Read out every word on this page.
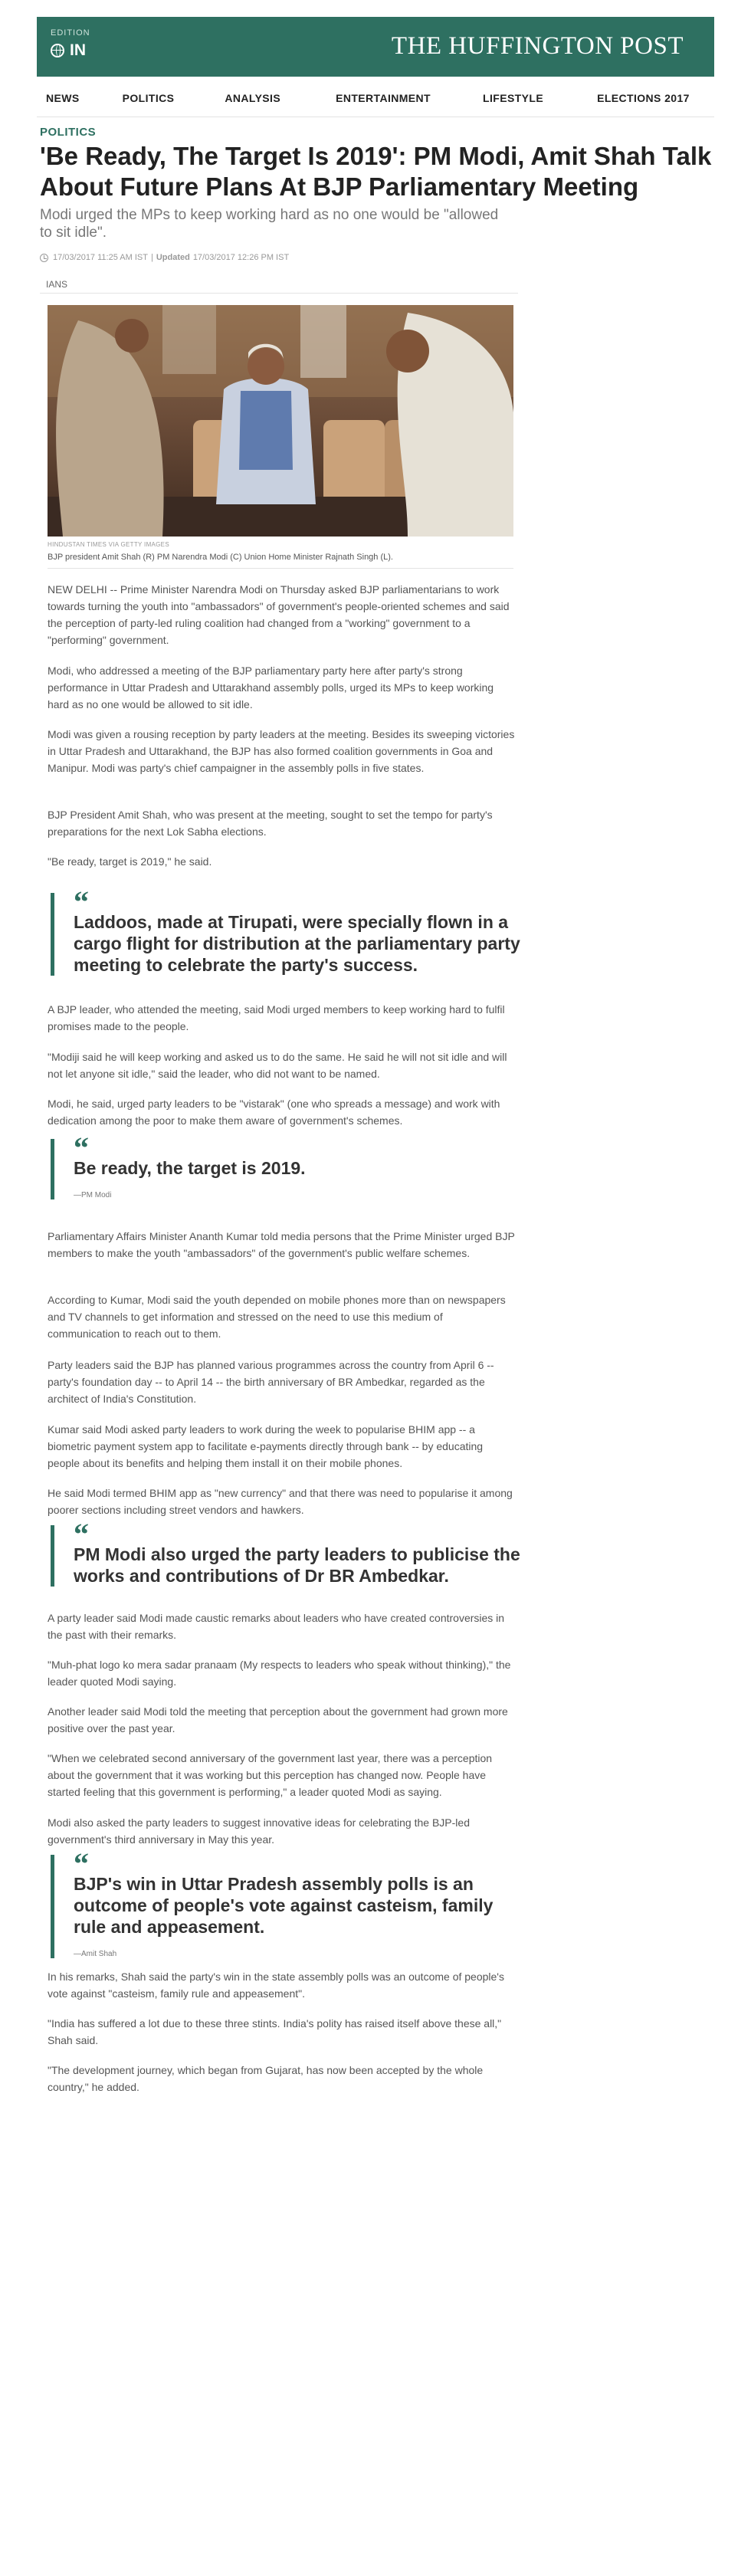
EDITION
IN	THE HUFFINGTON POST
NEWS	POLITICS	ANALYSIS	ENTERTAINMENT	LIFESTYLE	ELECTIONS 2017
POLITICS
'Be Ready, The Target Is 2019': PM Modi, Amit Shah Talk About Future Plans At BJP Parliamentary Meeting
Modi urged the MPs to keep working hard as no one would be "allowed to sit idle".
17/03/2017 11:25 AM IST | Updated 17/03/2017 12:26 PM IST
IANS
HINDUSTAN TIMES VIA GETTY IMAGES
BJP president Amit Shah (R) PM Narendra Modi (C) Union Home Minister Rajnath Singh (L).

NEW DELHI -- Prime Minister Narendra Modi on Thursday asked BJP parliamentarians to work towards turning the youth into "ambassadors" of government's people-oriented schemes and said the perception of party-led ruling coalition had changed from a "working" government to a "performing" government.

Modi, who addressed a meeting of the BJP parliamentary party here after party's strong performance in Uttar Pradesh and Uttarakhand assembly polls, urged its MPs to keep working hard as no one would be allowed to sit idle.

Modi was given a rousing reception by party leaders at the meeting. Besides its sweeping victories in Uttar Pradesh and Uttarakhand, the BJP has also formed coalition governments in Goa and Manipur. Modi was party's chief campaigner in the assembly polls in five states.

BJP President Amit Shah, who was present at the meeting, sought to set the tempo for party's preparations for the next Lok Sabha elections.

"Be ready, target is 2019," he said.

“
Laddoos, made at Tirupati, were specially flown in a cargo flight for distribution at the parliamentary party meeting to celebrate the party's success.

A BJP leader, who attended the meeting, said Modi urged members to keep working hard to fulfil promises made to the people.

"Modiji said he will keep working and asked us to do the same. He said he will not sit idle and will not let anyone sit idle," said the leader, who did not want to be named.

Modi, he said, urged party leaders to be "vistarak" (one who spreads a message) and work with dedication among the poor to make them aware of government's schemes.

“
Be ready, the target is 2019.
—PM Modi

Parliamentary Affairs Minister Ananth Kumar told media persons that the Prime Minister urged BJP members to make the youth "ambassadors" of the government's public welfare schemes.

According to Kumar, Modi said the youth depended on mobile phones more than on newspapers and TV channels to get information and stressed on the need to use this medium of communication to reach out to them.

Party leaders said the BJP has planned various programmes across the country from April 6 -- party's foundation day -- to April 14 -- the birth anniversary of BR Ambedkar, regarded as the architect of India's Constitution.

Kumar said Modi asked party leaders to work during the week to popularise BHIM app -- a biometric payment system app to facilitate e-payments directly through bank -- by educating people about its benefits and helping them install it on their mobile phones.

He said Modi termed BHIM app as "new currency" and that there was need to popularise it among poorer sections including street vendors and hawkers.

“
PM Modi also urged the party leaders to publicise the works and contributions of Dr BR Ambedkar.

A party leader said Modi made caustic remarks about leaders who have created controversies in the past with their remarks.

"Muh-phat logo ko mera sadar pranaam (My respects to leaders who speak without thinking)," the leader quoted Modi saying.

Another leader said Modi told the meeting that perception about the government had grown more positive over the past year.

"When we celebrated second anniversary of the government last year, there was a perception about the government that it was working but this perception has changed now. People have started feeling that this government is performing," a leader quoted Modi as saying.

Modi also asked the party leaders to suggest innovative ideas for celebrating the BJP-led government's third anniversary in May this year.

“
BJP's win in Uttar Pradesh assembly polls is an outcome of people's vote against casteism, family rule and appeasement.
—Amit Shah

In his remarks, Shah said the party's win in the state assembly polls was an outcome of people's vote against "casteism, family rule and appeasement".

"India has suffered a lot due to these three stints. India's polity has raised itself above these all," Shah said.

"The development journey, which began from Gujarat, has now been accepted by the whole country," he added.
